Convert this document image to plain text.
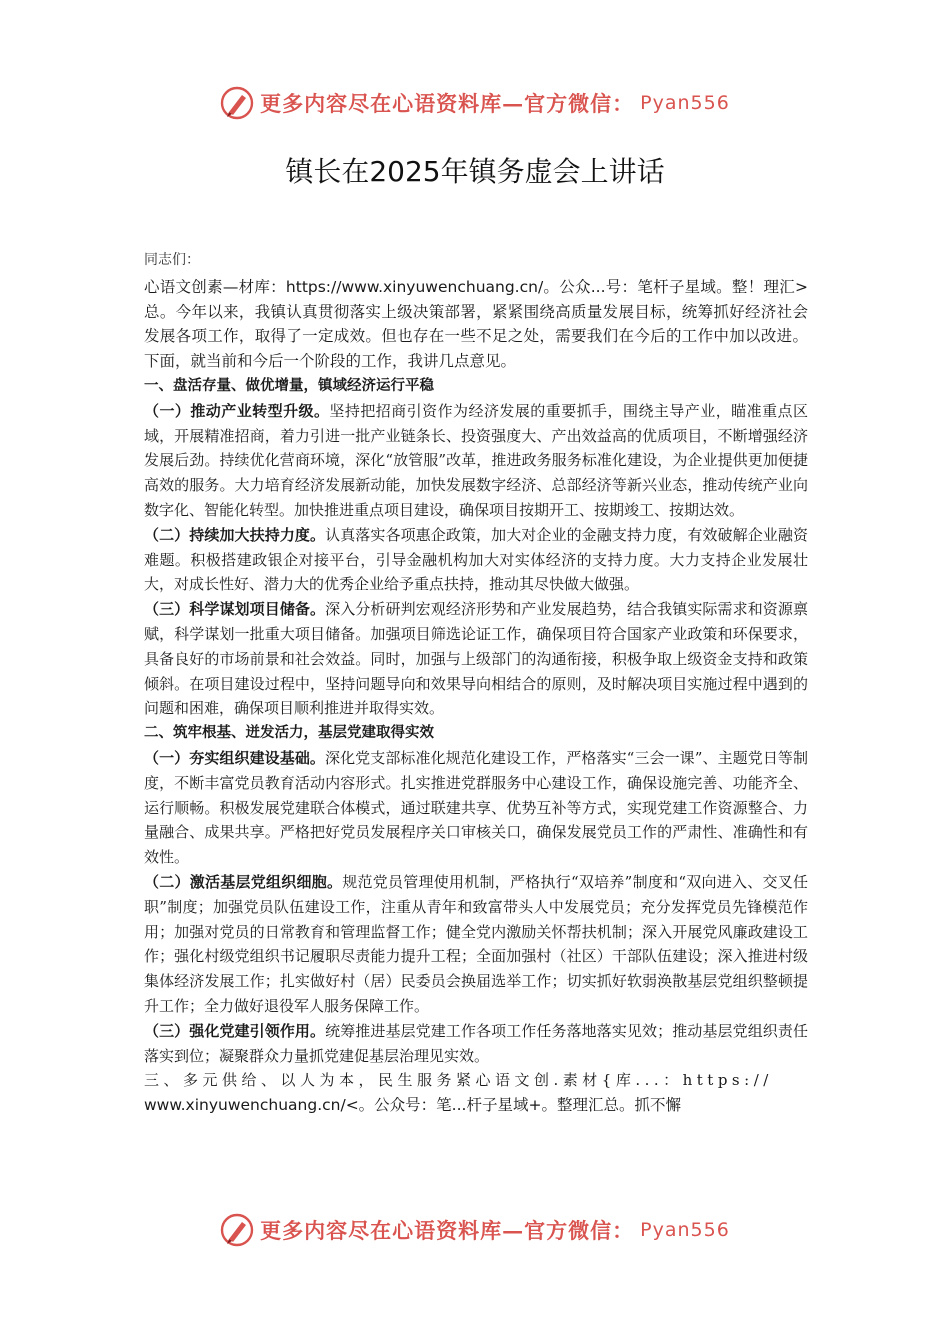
更多内容尽在心语资料库—官方微信： Pyan556
镇长在2025年镇务虚会上讲话

同志们：

心语文创素—材库：https://www.xinyuwenchuang.cn/。公众...号：笔杆子星域。整！理汇>总。今年以来，我镇认真贯彻落实上级决策部署，紧紧围绕高质量发展目标，统筹抓好经济社会发展各项工作，取得了一定成效。但也存在一些不足之处，需要我们在今后的工作中加以改进。下面，就当前和今后一个阶段的工作，我讲几点意见。

一、盘活存量、做优增量，镇域经济运行平稳

（一）推动产业转型升级。坚持把招商引资作为经济发展的重要抓手，围绕主导产业，瞄准重点区域，开展精准招商，着力引进一批产业链条长、投资强度大、产出效益高的优质项目，不断增强经济发展后劲。持续优化营商环境，深化“放管服”改革，推进政务服务标准化建设，为企业提供更加便捷高效的服务。大力培育经济发展新动能，加快发展数字经济、总部经济等新兴业态，推动传统产业向数字化、智能化转型。加快推进重点项目建设，确保项目按期开工、按期竣工、按期达效。

（二）持续加大扶持力度。认真落实各项惠企政策，加大对企业的金融支持力度，有效破解企业融资难题。积极搭建政银企对接平台，引导金融机构加大对实体经济的支持力度。大力支持企业发展壮大，对成长性好、潜力大的优秀企业给予重点扶持，推动其尽快做大做强。

（三）科学谋划项目储备。深入分析研判宏观经济形势和产业发展趋势，结合我镇实际需求和资源禀赋，科学谋划一批重大项目储备。加强项目筛选论证工作，确保项目符合国家产业政策和环保要求，具备良好的市场前景和社会效益。同时，加强与上级部门的沟通衔接，积极争取上级资金支持和政策倾斜。在项目建设过程中，坚持问题导向和效果导向相结合的原则，及时解决项目实施过程中遇到的问题和困难，确保项目顺利推进并取得实效。

二、筑牢根基、迸发活力，基层党建取得实效

（一）夯实组织建设基础。深化党支部标准化规范化建设工作，严格落实“三会一课”、主题党日等制度，不断丰富党员教育活动内容形式。扎实推进党群服务中心建设工作，确保设施完善、功能齐全、运行顺畅。积极发展党建联合体模式，通过联建共享、优势互补等方式，实现党建工作资源整合、力量融合、成果共享。严格把好党员发展程序关口审核关口，确保发展党员工作的严肃性、准确性和有效性。

（二）激活基层党组织细胞。规范党员管理使用机制，严格执行“双培养”制度和“双向进入、交叉任职”制度；加强党员队伍建设工作，注重从青年和致富带头人中发展党员；充分发挥党员先锋模范作用；加强对党员的日常教育和管理监督工作；健全党内激励关怀帮扶机制；深入开展党风廉政建设工作；强化村级党组织书记履职尽责能力提升工程；全面加强村（社区）干部队伍建设；深入推进村级集体经济发展工作；扎实做好村（居）民委员会换届选举工作；切实抓好软弱涣散基层党组织整顿提升工作；全力做好退役军人服务保障工作。

（三）强化党建引领作用。统筹推进基层党建工作各项工作任务落地落实见效；推动基层党组织责任落实到位；凝聚群众力量抓党建促基层治理见实效。

三、多元供给、以人为本，民生服务紧心语文创.素材{库...：https://

www.xinyuwenchuang.cn/<。公众号：笔...杆子星域+。整理汇总。抓不懈

更多内容尽在心语资料库—官方微信： Pyan556
